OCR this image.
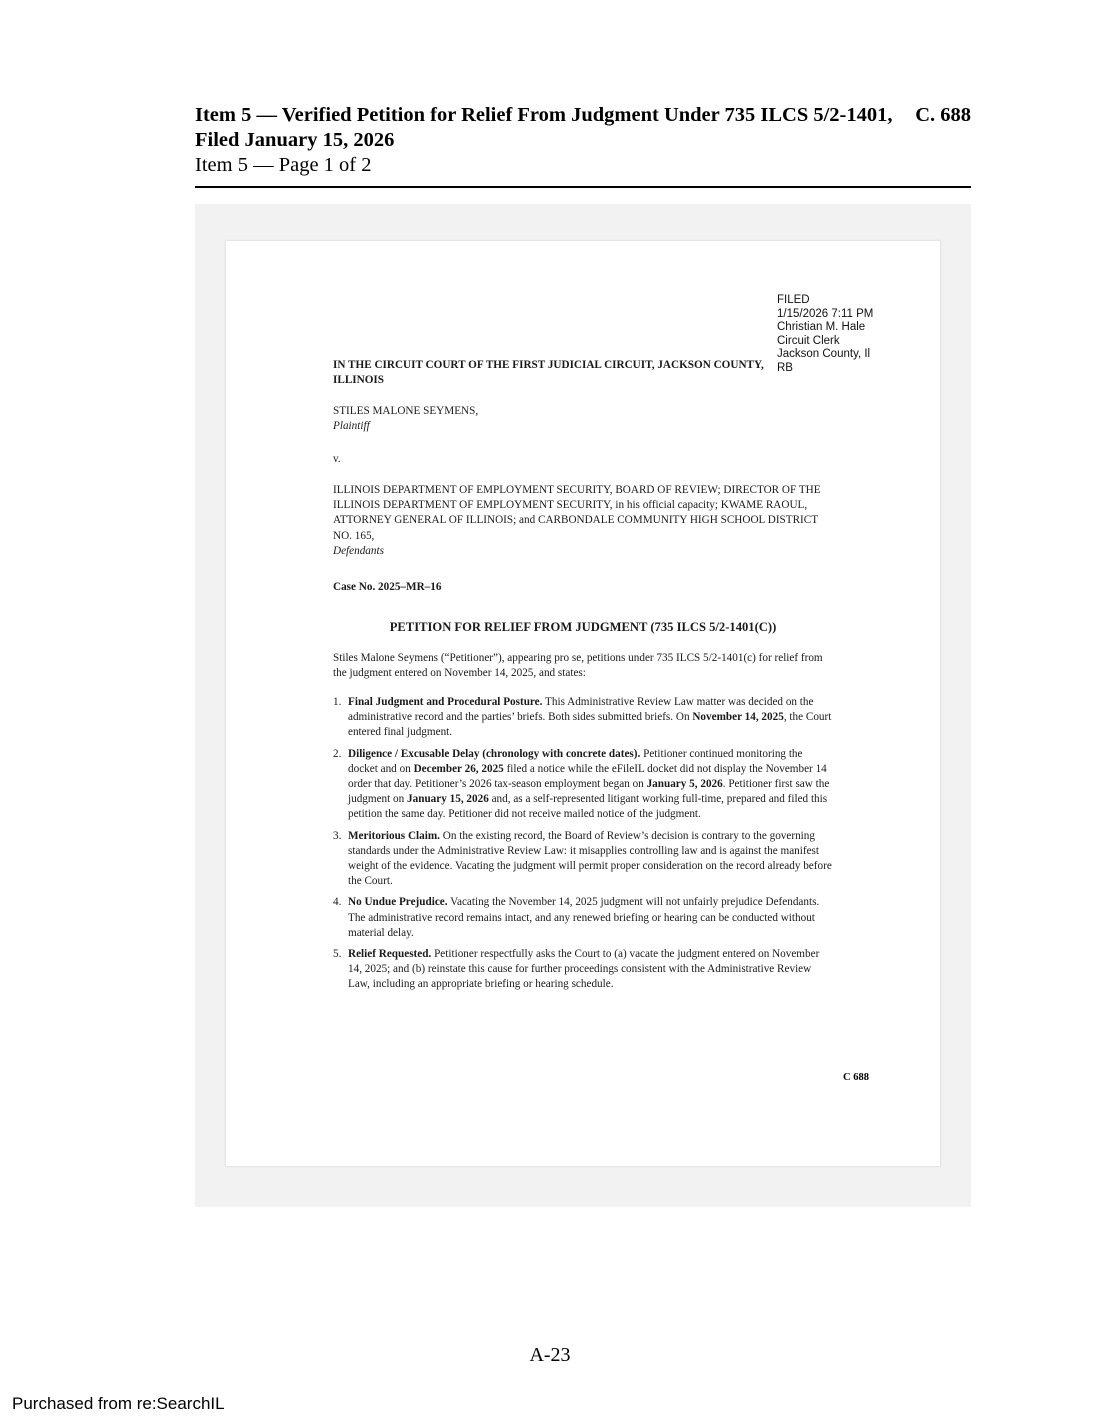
Item 5 — Verified Petition for Relief From Judgment Under 735 ILCS 5/2-1401, Filed January 15, 2026
C. 688
Item 5 — Page 1 of 2
FILED
1/15/2026 7:11 PM
Christian M. Hale
Circuit Clerk
Jackson County, Il
RB
IN THE CIRCUIT COURT OF THE FIRST JUDICIAL CIRCUIT, JACKSON COUNTY, ILLINOIS
STILES MALONE SEYMENS,
Plaintiff
v.
ILLINOIS DEPARTMENT OF EMPLOYMENT SECURITY, BOARD OF REVIEW; DIRECTOR OF THE ILLINOIS DEPARTMENT OF EMPLOYMENT SECURITY, in his official capacity; KWAME RAOUL, ATTORNEY GENERAL OF ILLINOIS; and CARBONDALE COMMUNITY HIGH SCHOOL DISTRICT NO. 165,
Defendants
Case No. 2025–MR–16
PETITION FOR RELIEF FROM JUDGMENT (735 ILCS 5/2-1401(C))
Stiles Malone Seymens (“Petitioner”), appearing pro se, petitions under 735 ILCS 5/2-1401(c) for relief from the judgment entered on November 14, 2025, and states:
1. Final Judgment and Procedural Posture. This Administrative Review Law matter was decided on the administrative record and the parties’ briefs. Both sides submitted briefs. On November 14, 2025, the Court entered final judgment.
2. Diligence / Excusable Delay (chronology with concrete dates). Petitioner continued monitoring the docket and on December 26, 2025 filed a notice while the eFileIL docket did not display the November 14 order that day. Petitioner’s 2026 tax-season employment began on January 5, 2026. Petitioner first saw the judgment on January 15, 2026 and, as a self-represented litigant working full-time, prepared and filed this petition the same day. Petitioner did not receive mailed notice of the judgment.
3. Meritorious Claim. On the existing record, the Board of Review’s decision is contrary to the governing standards under the Administrative Review Law: it misapplies controlling law and is against the manifest weight of the evidence. Vacating the judgment will permit proper consideration on the record already before the Court.
4. No Undue Prejudice. Vacating the November 14, 2025 judgment will not unfairly prejudice Defendants. The administrative record remains intact, and any renewed briefing or hearing can be conducted without material delay.
5. Relief Requested. Petitioner respectfully asks the Court to (a) vacate the judgment entered on November 14, 2025; and (b) reinstate this cause for further proceedings consistent with the Administrative Review Law, including an appropriate briefing or hearing schedule.
C 688
A-23
Purchased from re:SearchIL
